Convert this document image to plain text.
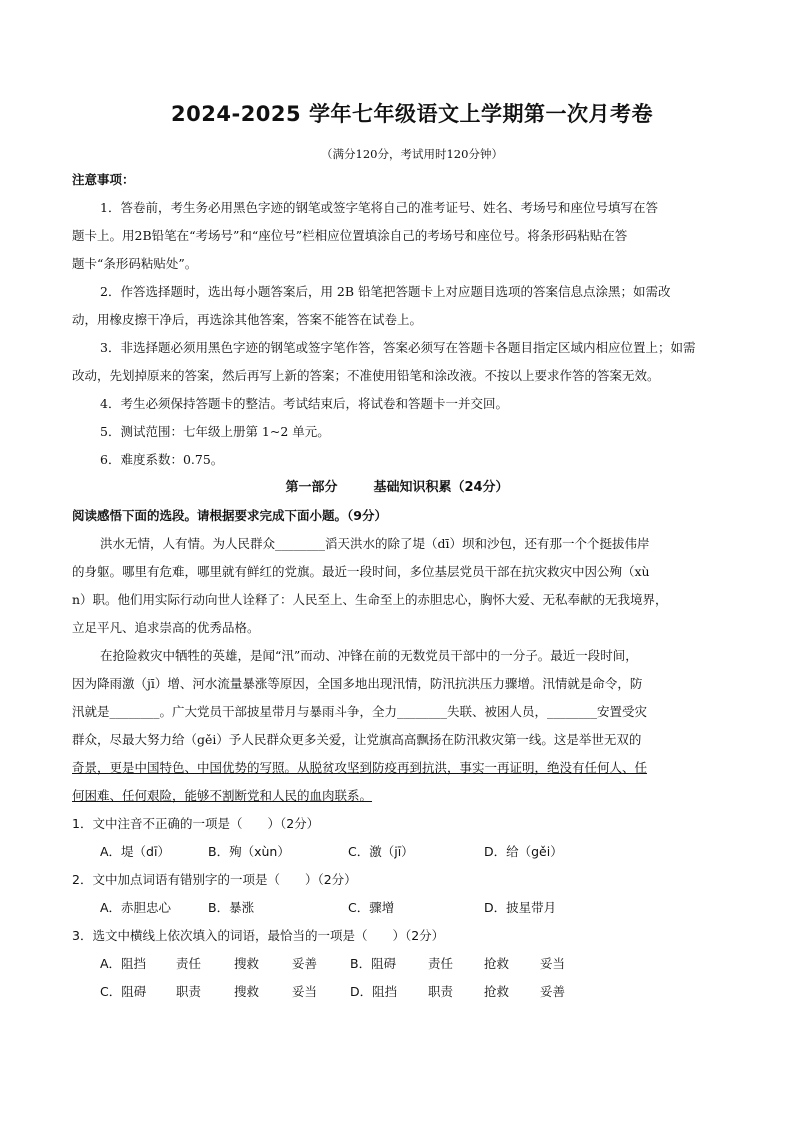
2024-2025 学年七年级语文上学期第一次月考卷
（满分120分，考试用时120分钟）
注意事项：
1．答卷前，考生务必用黑色字迹的钢笔或签字笔将自己的准考证号、姓名、考场号和座位号填写在答
题卡上。用2B铅笔在“考场号”和“座位号”栏相应位置填涂自己的考场号和座位号。将条形码粘贴在答
题卡“条形码粘贴处”。
2．作答选择题时，选出每小题答案后，用 2B 铅笔把答题卡上对应题目选项的答案信息点涂黑；如需改
动，用橡皮擦干净后，再选涂其他答案，答案不能答在试卷上。
3．非选择题必须用黑色字迹的钢笔或签字笔作答，答案必须写在答题卡各题目指定区域内相应位置上；如需
改动，先划掉原来的答案，然后再写上新的答案；不准使用铅笔和涂改液。不按以上要求作答的答案无效。
4．考生必须保持答题卡的整洁。考试结束后，将试卷和答题卡一并交回。
5．测试范围：七年级上册第 1~2 单元。
6．难度系数：0.75。
第一部分	基础知识积累（24分）
阅读感悟下面的选段。请根据要求完成下面小题。（9分）
洪水无情，人有情。为人民群众________滔天洪水的除了堤（dī）坝和沙包，还有那一个个挺拔伟岸
的身躯。哪里有危难，哪里就有鲜红的党旗。最近一段时间，多位基层党员干部在抗灾救灾中因公殉（xù
n）职。他们用实际行动向世人诠释了：人民至上、生命至上的赤胆忠心，胸怀大爱、无私奉献的无我境界，
立足平凡、追求崇高的优秀品格。
在抢险救灾中牺牲的英雄，是闻“汛”而动、冲锋在前的无数党员干部中的一分子。最近一段时间，
因为降雨激（jī）增、河水流量暴涨等原因，全国多地出现汛情，防汛抗洪压力骤增。汛情就是命令，防
汛就是________。广大党员干部披星带月与暴雨斗争，全力________失联、被困人员，________安置受灾
群众，尽最大努力给（gěi）予人民群众更多关爱，让党旗高高飘扬在防汛救灾第一线。这是举世无双的
奇景，更是中国特色、中国优势的写照。从脱贫攻坚到防疫再到抗洪，事实一再证明，绝没有任何人、任
何困难、任何艰险，能够不割断党和人民的血肉联系。
1．文中注音不正确的一项是（　　）（2分）
A．堤（dī）	B．殉（xùn）	C．激（jī）	D．给（gěi）
2．文中加点词语有错别字的一项是（　　）（2分）
A．赤胆忠心	B．暴涨	C．骤增	D．披星带月
3．选文中横线上依次填入的词语，最恰当的一项是（　　）（2分）
A．阻挡	责任	搜救	妥善	B．阻碍	责任	抢救	妥当
C．阻碍	职责	搜救	妥当	D．阻挡	职责	抢救	妥善
